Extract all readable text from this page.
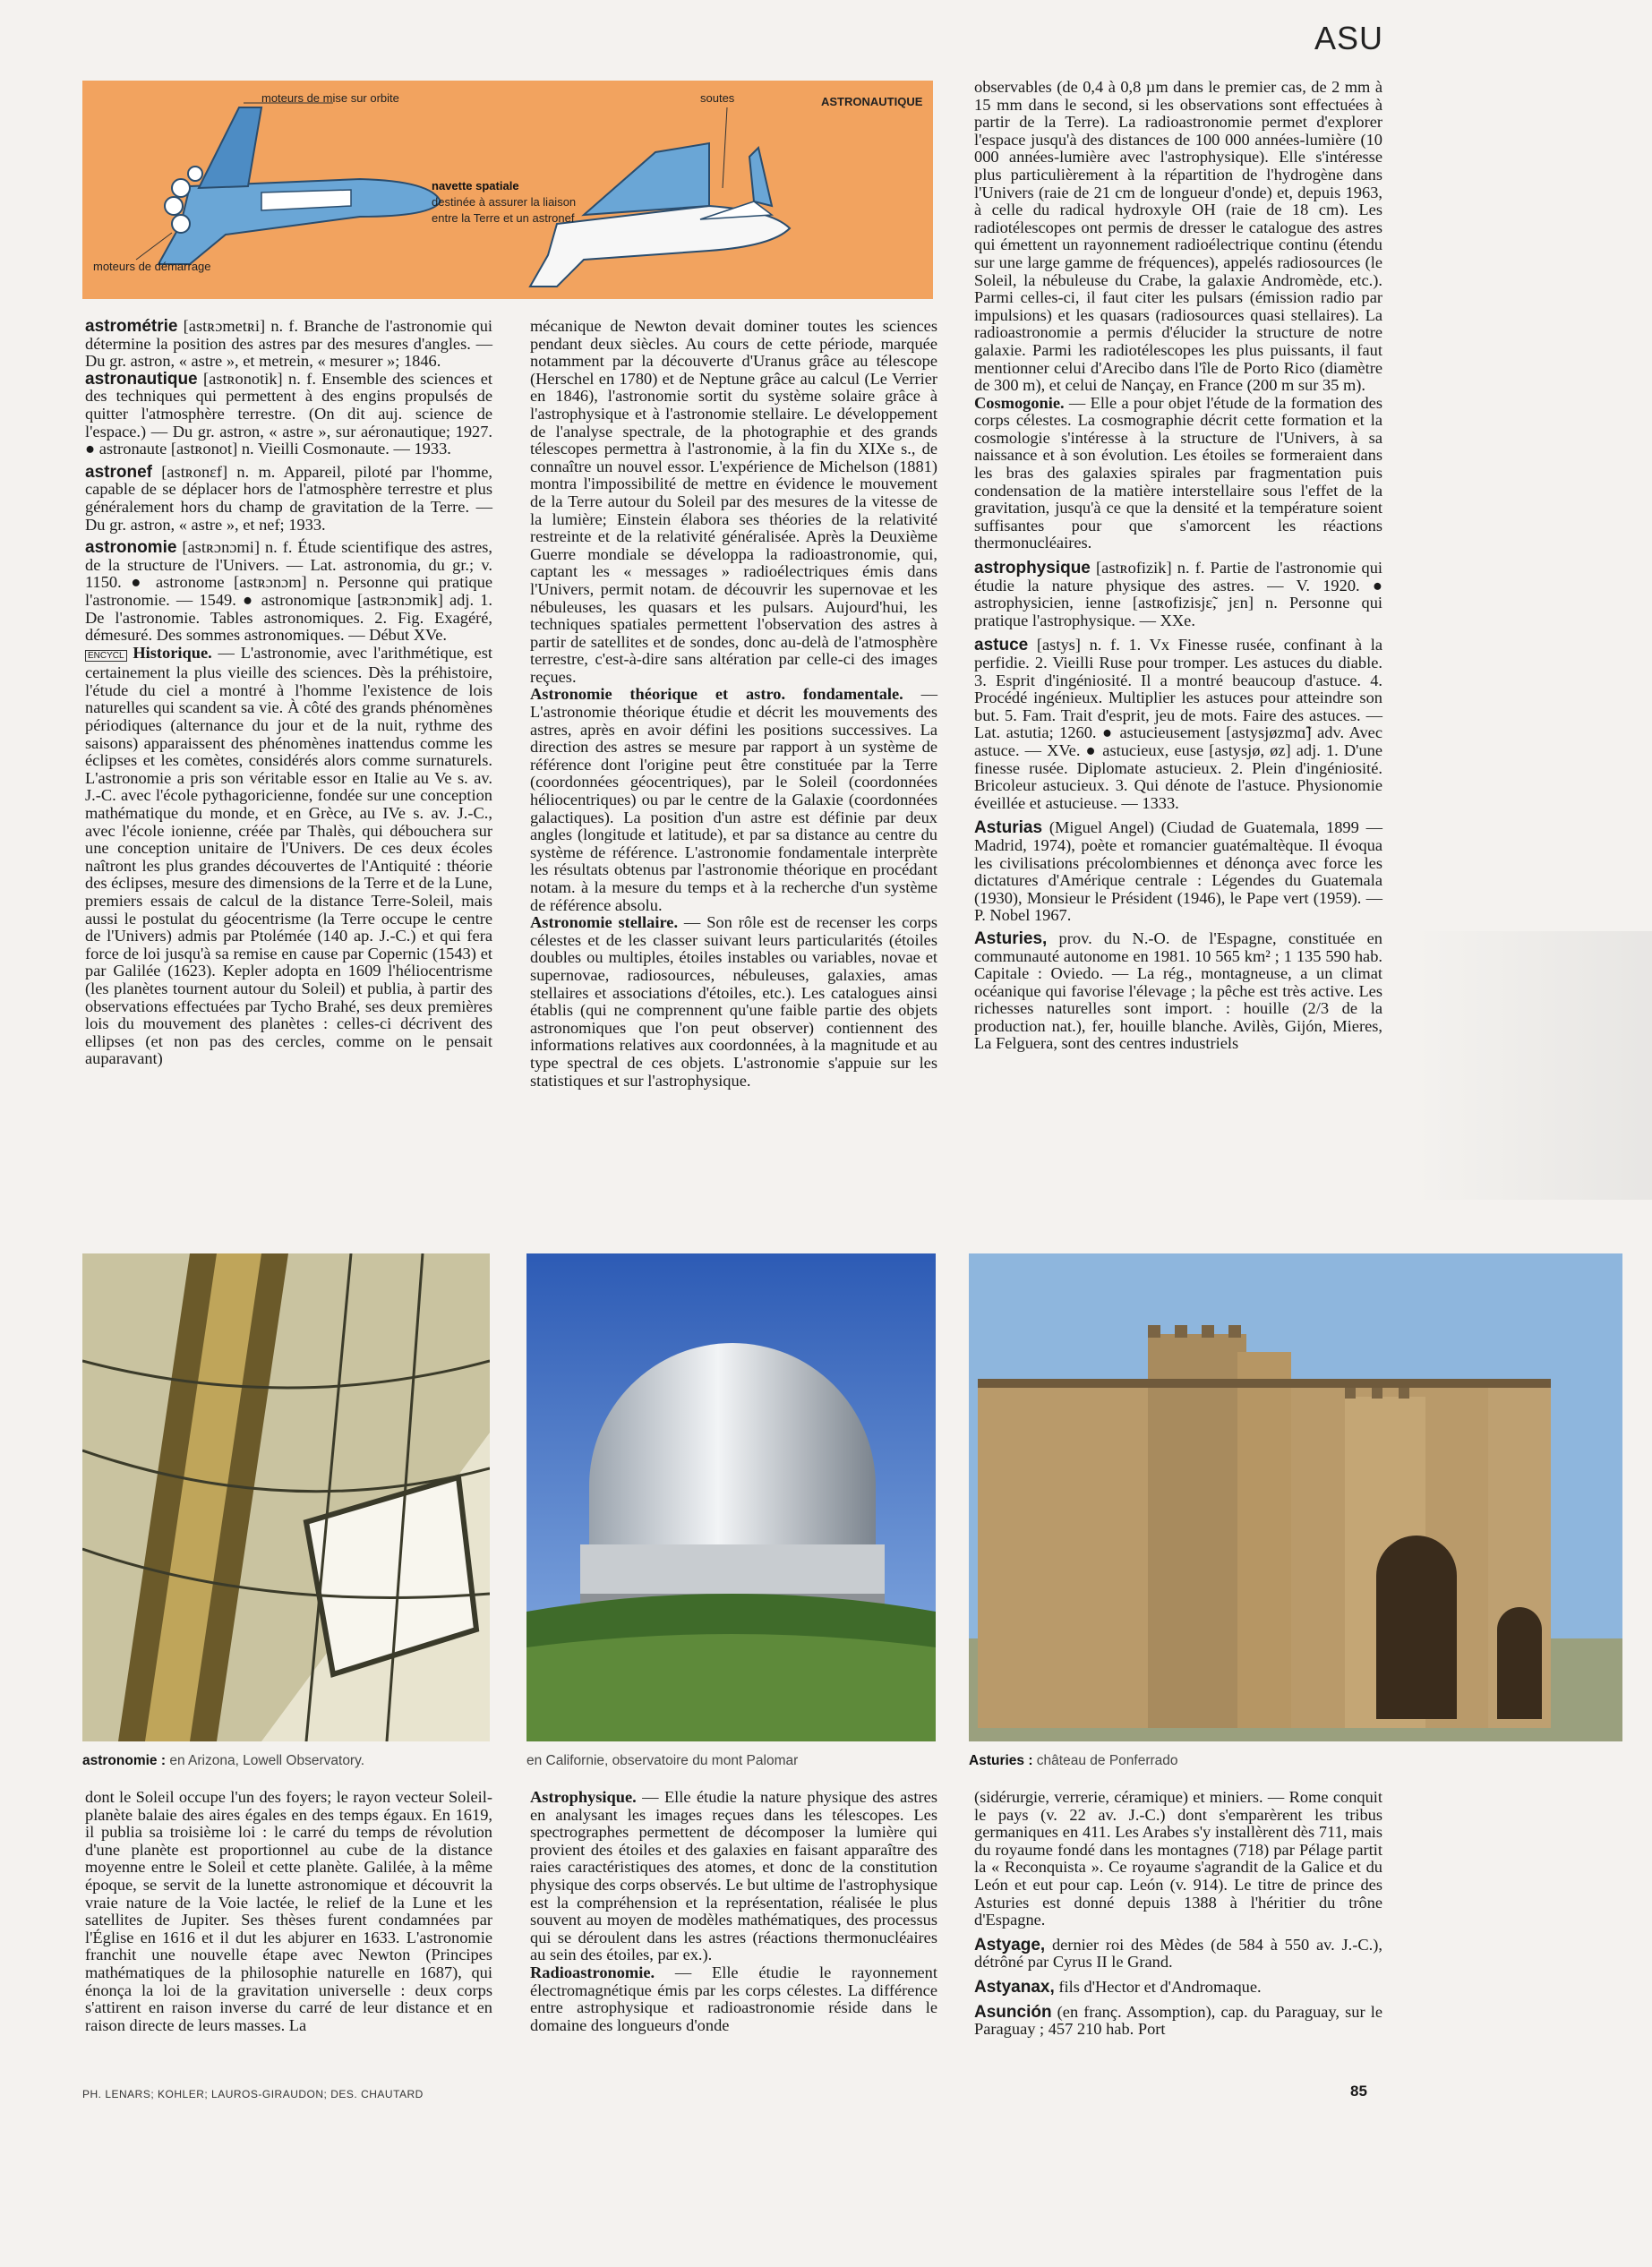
ASU
moteurs de mise sur orbite	soutes	ASTRONAUTIQUE
navette spatiale
destinée à assurer la liaison
entre la Terre et un astronef
moteurs de démarrage

astrométrie [astʀɔmetʀi] n. f. Branche de l'astronomie qui détermine la position des astres par des mesures d'angles. — Du gr. astron, « astre », et metrein, « mesurer »; 1846.

astronautique [astʀonotik] n. f. Ensemble des sciences et des techniques qui permettent à des engins propulsés de quitter l'atmosphère terrestre. (On dit auj. science de l'espace.) — Du gr. astron, « astre », sur aéronautique; 1927. ● astronaute [astʀonot] n. Vieilli Cosmonaute. — 1933.

astronef [astʀonɛf] n. m. Appareil, piloté par l'homme, capable de se déplacer hors de l'atmosphère terrestre et plus généralement hors du champ de gravitation de la Terre. — Du gr. astron, « astre », et nef; 1933.

astronomie [astʀɔnɔmi] n. f. Étude scientifique des astres, de la structure de l'Univers. — Lat. astronomia, du gr.; v. 1150. ● astronome [astʀɔnɔm] n. Personne qui pratique l'astronomie. — 1549. ● astronomique [astʀɔnɔmik] adj. 1. De l'astronomie. Tables astronomiques. 2. Fig. Exagéré, démesuré. Des sommes astronomiques. — Début XVe.

ENCYCL Historique. — L'astronomie, avec l'arithmétique, est certainement la plus vieille des sciences. Dès la préhistoire, l'étude du ciel a montré à l'homme l'existence de lois naturelles qui scandent sa vie. À côté des grands phénomènes périodiques (alternance du jour et de la nuit, rythme des saisons) apparaissent des phénomènes inattendus comme les éclipses et les comètes, considérés alors comme surnaturels. L'astronomie a pris son véritable essor en Italie au Ve s. av. J.-C. avec l'école pythagoricienne, fondée sur une conception mathématique du monde, et en Grèce, au IVe s. av. J.-C., avec l'école ionienne, créée par Thalès, qui déboucherа sur une conception unitaire de l'Univers. De ces deux écoles naîtront les plus grandes découvertes de l'Antiquité : théorie des éclipses, mesure des dimensions de la Terre et de la Lune, premiers essais de calcul de la distance Terre-Soleil, mais aussi le postulat du géocentrisme (la Terre occupe le centre de l'Univers) admis par Ptolémée (140 ap. J.-C.) et qui fera force de loi jusqu'à sa remise en cause par Copernic (1543) et par Galilée (1623). Kepler adopta en 1609 l'héliocentrisme (les planètes tournent autour du Soleil) et publia, à partir des observations effectuées par Tycho Brahé, ses deux premières lois du mouvement des planètes : celles-ci décrivent des ellipses (et non pas des cercles, comme on le pensait auparavant)

mécanique de Newton devait dominer toutes les sciences pendant deux siècles. Au cours de cette période, marquée notamment par la découverte d'Uranus grâce au télescope (Herschel en 1780) et de Neptune grâce au calcul (Le Verrier en 1846), l'astronomie sortit du système solaire grâce à l'astrophysique et à l'astronomie stellaire. Le développement de l'analyse spectrale, de la photographie et des grands télescopes permettra à l'astronomie, à la fin du XIXe s., de connaître un nouvel essor. L'expérience de Michelson (1881) montra l'impossibilité de mettre en évidence le mouvement de la Terre autour du Soleil par des mesures de la vitesse de la lumière; Einstein élabora ses théories de la relativité restreinte et de la relativité généralisée. Après la Deuxième Guerre mondiale se développa la radioastronomie, qui, captant les « messages » radioélectriques émis dans l'Univers, permit notam. de découvrir les supernovae et les nébuleuses, les quasars et les pulsars. Aujourd'hui, les techniques spatiales permettent l'observation des astres à partir de satellites et de sondes, donc au-delà de l'atmosphère terrestre, c'est-à-dire sans altération par celle-ci des images reçues.

Astronomie théorique et astro. fondamentale. — L'astronomie théorique étudie et décrit les mouvements des astres, après en avoir défini les positions successives. La direction des astres se mesure par rapport à un système de référence dont l'origine peut être constituée par la Terre (coordonnées géocentriques), par le Soleil (coordonnées héliocentriques) ou par le centre de la Galaxie (coordonnées galactiques). La position d'un astre est définie par deux angles (longitude et latitude), et par sa distance au centre du système de référence. L'astronomie fondamentale interprète les résultats obtenus par l'astronomie théorique en procédant notam. à la mesure du temps et à la recherche d'un système de référence absolu.

Astronomie stellaire. — Son rôle est de recenser les corps célestes et de les classer suivant leurs particularités (étoiles doubles ou multiples, étoiles instables ou variables, novae et supernovae, radiosources, nébuleuses, galaxies, amas stellaires et associations d'étoiles, etc.). Les catalogues ainsi établis (qui ne comprennent qu'une faible partie des objets astronomiques que l'on peut observer) contiennent des informations relatives aux coordonnées, à la magnitude et au type spectral de ces objets. L'astronomie s'appuie sur les statistiques et sur l'astrophysique.

observables (de 0,4 à 0,8 µm dans le premier cas, de 2 mm à 15 mm dans le second, si les observations sont effectuées à partir de la Terre). La radioastronomie permet d'explorer l'espace jusqu'à des distances de 100 000 années-lumière (10 000 années-lumière avec l'astrophysique). Elle s'intéresse plus particulièrement à la répartition de l'hydrogène dans l'Univers (raie de 21 cm de longueur d'onde) et, depuis 1963, à celle du radical hydroxyle OH (raie de 18 cm). Les radiotélescopes ont permis de dresser le catalogue des astres qui émettent un rayonnement radioélectrique continu (étendu sur une large gamme de fréquences), appelés radiosources (le Soleil, la nébuleuse du Crabe, la galaxie Andromède, etc.). Parmi celles-ci, il faut citer les pulsars (émission radio par impulsions) et les quasars (radiosources quasi stellaires). La radioastronomie a permis d'élucider la structure de notre galaxie. Parmi les radiotélescopes les plus puissants, il faut mentionner celui d'Arecibo dans l'île de Porto Rico (diamètre de 300 m), et celui de Nançay, en France (200 m sur 35 m).

Cosmogonie. — Elle a pour objet l'étude de la formation des corps célestes. La cosmographie décrit cette formation et la cosmologie s'intéresse à la structure de l'Univers, à sa naissance et à son évolution. Les étoiles se formeraient dans les bras des galaxies spirales par fragmentation puis condensation de la matière interstellaire sous l'effet de la gravitation, jusqu'à ce que la densité et la température soient suffisantes pour que s'amorcent les réactions thermonucléaires.

astrophysique [astʀofizik] n. f. Partie de l'astronomie qui étudie la nature physique des astres. — V. 1920. ● astrophysicien, ienne [astʀofizisjɛ̃, jɛn] n. Personne qui pratique l'astrophysique. — XXe.

astuce [astys] n. f. 1. Vx Finesse rusée, confinant à la perfidie. 2. Vieilli Ruse pour tromper. Les astuces du diable. 3. Esprit d'ingéniosité. Il a montré beaucoup d'astuce. 4. Procédé ingénieux. Multiplier les astuces pour atteindre son but. 5. Fam. Trait d'esprit, jeu de mots. Faire des astuces. — Lat. astutia; 1260. ● astucieusement [astysjøzmɑ̃] adv. Avec astuce. — XVe. ● astucieux, euse [astysjø, øz] adj. 1. D'une finesse rusée. Diplomate astucieux. 2. Plein d'ingéniosité. Bricoleur astucieux. 3. Qui dénote de l'astuce. Physionomie éveillée et astucieuse. — 1333.

Asturias (Miguel Angel) (Ciudad de Guatemala, 1899 — Madrid, 1974), poète et romancier guatémaltèque. Il évoqua les civilisations précolombiennes et dénonça avec force les dictatures d'Amérique centrale : Légendes du Guatemala (1930), Monsieur le Président (1946), le Pape vert (1959). — P. Nobel 1967.

Asturies, prov. du N.-O. de l'Espagne, constituée en communauté autonome en 1981. 10 565 km² ; 1 135 590 hab. Capitale : Oviedo. — La rég., montagneuse, a un climat océanique qui favorise l'élevage ; la pêche est très active. Les richesses naturelles sont import. : houille (2/3 de la production nat.), fer, houille blanche. Avilès, Gijón, Mieres, La Felguera, sont des centres industriels

astronomie : en Arizona, Lowell Observatory.	en Californie, observatoire du mont Palomar	Asturies : château de Ponferrado

dont le Soleil occupe l'un des foyers; le rayon vecteur Soleil-planète balaie des aires égales en des temps égaux. En 1619, il publia sa troisième loi : le carré du temps de révolution d'une planète est proportionnel au cube de la distance moyenne entre le Soleil et cette planète. Galilée, à la même époque, se servit de la lunette astronomique et découvrit la vraie nature de la Voie lactée, le relief de la Lune et les satellites de Jupiter. Ses thèses furent condamnées par l'Église en 1616 et il dut les abjurer en 1633. L'astronomie franchit une nouvelle étape avec Newton (Principes mathématiques de la philosophie naturelle en 1687), qui énonça la loi de la gravitation universelle : deux corps s'attirent en raison inverse du carré de leur distance et en raison directe de leurs masses. La

Astrophysique. — Elle étudie la nature physique des astres en analysant les images reçues dans les télescopes. Les spectrographes permettent de décomposer la lumière qui provient des étoiles et des galaxies en faisant apparaître des raies caractéristiques des atomes, et donc de la constitution physique des corps observés. Le but ultime de l'astrophysique est la compréhension et la représentation, réalisée le plus souvent au moyen de modèles mathématiques, des processus qui se déroulent dans les astres (réactions thermonucléaires au sein des étoiles, par ex.).

Radioastronomie. — Elle étudie le rayonnement électromagnétique émis par les corps célestes. La différence entre astrophysique et radioastronomie réside dans le domaine des longueurs d'onde

(sidérurgie, verrerie, céramique) et miniers. — Rome conquit le pays (v. 22 av. J.-C.) dont s'emparèrent les tribus germaniques en 411. Les Arabes s'y installèrent dès 711, mais du royaume fondé dans les montagnes (718) par Pélage partit la « Reconquista ». Ce royaume s'agrandit de la Galice et du León et eut pour cap. León (v. 914). Le titre de prince des Asturies est donné depuis 1388 à l'héritier du trône d'Espagne.

Astyage, dernier roi des Mèdes (de 584 à 550 av. J.-C.), détrôné par Cyrus II le Grand.

Astyanax, fils d'Hector et d'Andromaque.

Asunción (en franç. Assomption), cap. du Paraguay, sur le Paraguay ; 457 210 hab. Port

PH. LENARS; KOHLER; LAUROS-GIRAUDON; DES. CHAUTARD	85
